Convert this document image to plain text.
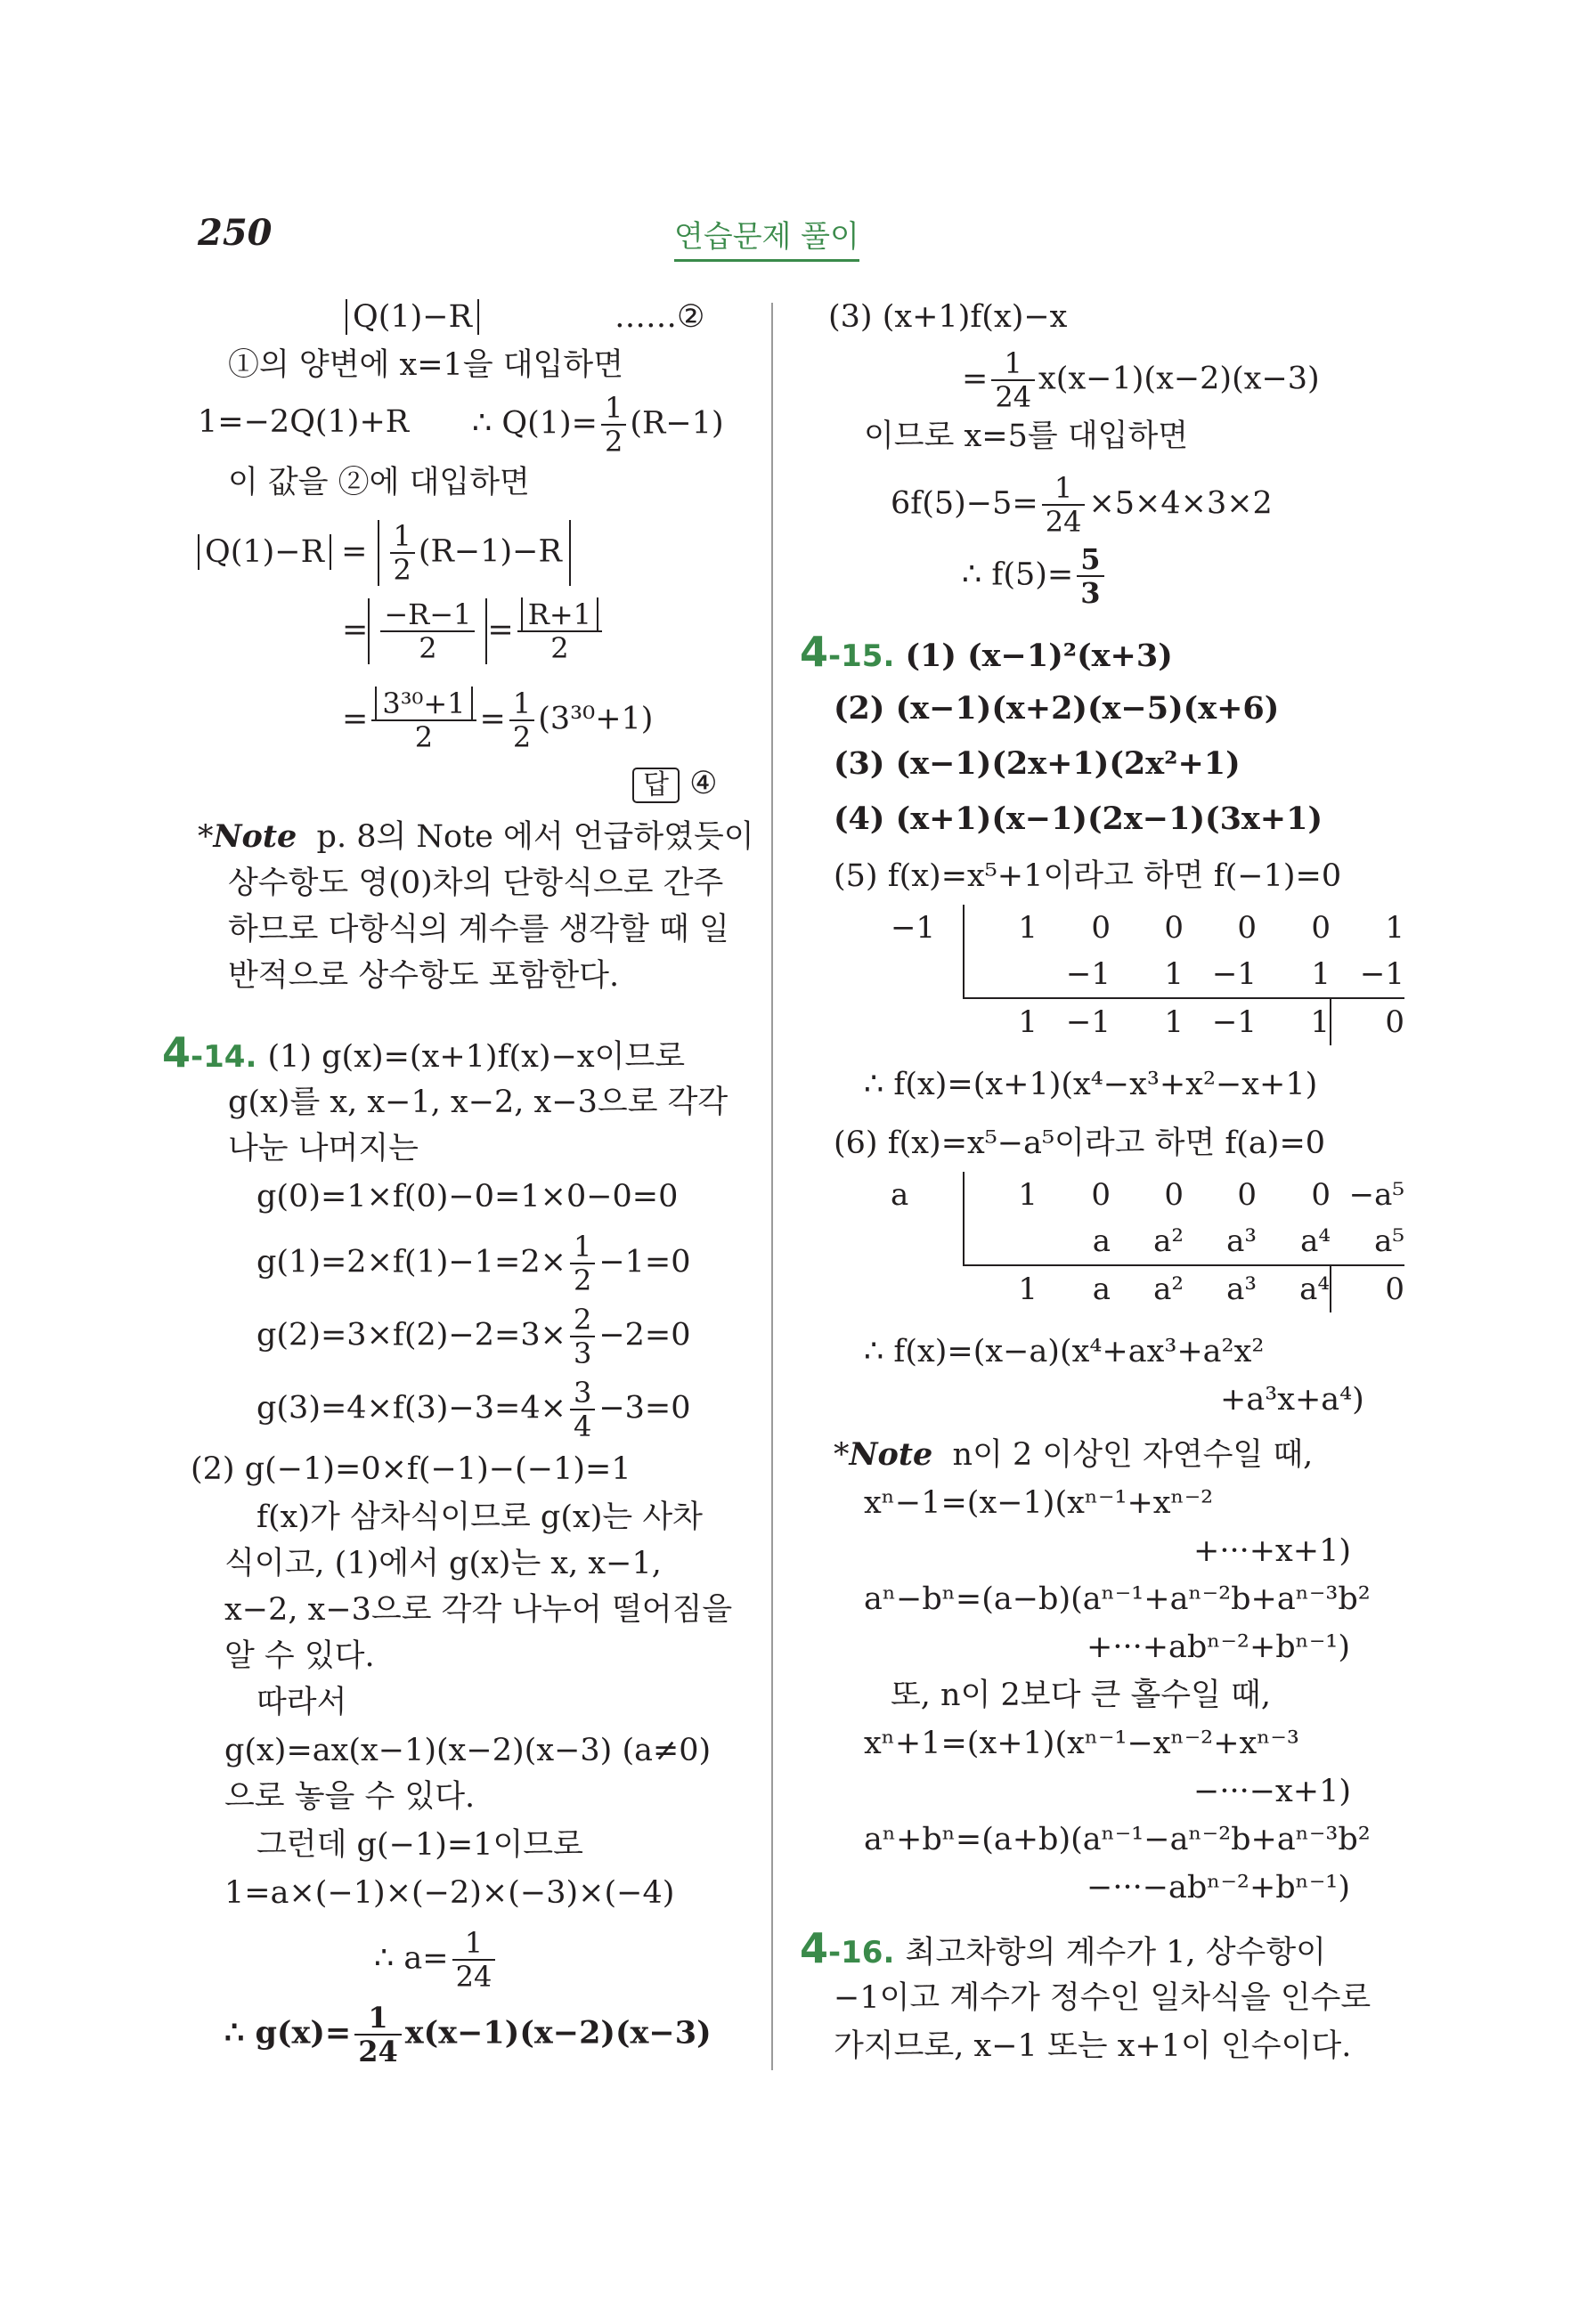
250	연습문제 풀이
Q(1)−R	……②
①의 양변에 x=1을 대입하면
1=−2Q(1)+R ∴ $Q(1)= \frac{1}{2} (R-1)$
이 값을 ②에 대입하면
$Q(1)-R = \frac{1}{2} (R-1)-R$
= $\frac{-R-1}{2} = \frac{R+1}{2}$
= $\frac{\text{3³⁰+1}}{2} = \frac{1}{2} (3^{30}+1)$
답 ④
*Note p. 8의 Note 에서 언급하였듯이
상수항도 영(0)차의 단항식으로 간주
하므로 다항식의 계수를 생각할 때 일
반적으로 상수항도 포함한다.
4-14. (1) g(x)=(x+1)f(x)−x이므로
g(x)를 x, x−1, x−2, x−3으로 각각
나눈 나머지는
g(0)=1×f(0)−0=1×0−0=0
$g(1)=2\times f(1)-1=2\times \frac{1}{2} -1=0$
$g(2)=3\times f(2)-2=3\times \frac{2}{3} -2=0$
$g(3)=4\times f(3)-3=4\times \frac{3}{4} -3=0$
(2) g(−1)=0×f(−1)−(−1)=1
f(x)가 삼차식이므로 g(x)는 사차
식이고, (1)에서 g(x)는 x, x−1,
x−2, x−3으로 각각 나누어 떨어짐을
알 수 있다.
따라서
g(x)=ax(x−1)(x−2)(x−3) (a≠0)
으로 놓을 수 있다.
그런데 g(−1)=1이므로
1=a×(−1)×(−2)×(−3)×(−4)
∴ $a= \frac{1}{24}$
∴ $g(x)= \frac{1}{24} x(x-1)(x-2)(x-3)$
(3) (x+1)f(x)−x
= $\frac{1}{24} x(x-1)(x-2)(x-3)$
이므로 x=5를 대입하면
$6f(5)-5= \frac{1}{24} \times 5\times 4\times 3\times 2$
∴ $f(5)= \frac{5}{3}$
4-15. (1) (x−1)²(x+3)
(2) (x−1)(x+2)(x−5)(x+6)
(3) (x−1)(2x+1)(2x²+1)
(4) (x+1)(x−1)(2x−1)(3x+1)
(5) f(x)=x⁵+1이라고 하면 f(−1)=0
−1	1	0	0	0	0	1
		−1	1	−1	1	−1
	1	−1	1	−1	1	0
∴ f(x)=(x+1)(x⁴−x³+x²−x+1)
(6) f(x)=x⁵−a⁵이라고 하면 f(a)=0
a	1	0	0	0	0	−a⁵
		a	a²	a³	a⁴	a⁵
	1	a	a²	a³	a⁴	0
∴ f(x)=(x−a)(x⁴+ax³+a²x²
+a³x+a⁴)
*Note n이 2 이상인 자연수일 때,
xⁿ−1=(x−1)(xⁿ⁻¹+xⁿ⁻²
+···+x+1)
aⁿ−bⁿ=(a−b)(aⁿ⁻¹+aⁿ⁻²b+aⁿ⁻³b²
+···+abⁿ⁻²+bⁿ⁻¹)
또, n이 2보다 큰 홀수일 때,
xⁿ+1=(x+1)(xⁿ⁻¹−xⁿ⁻²+xⁿ⁻³
−···−x+1)
aⁿ+bⁿ=(a+b)(aⁿ⁻¹−aⁿ⁻²b+aⁿ⁻³b²
−···−abⁿ⁻²+bⁿ⁻¹)
4-16. 최고차항의 계수가 1, 상수항이
−1이고 계수가 정수인 일차식을 인수로
가지므로, x−1 또는 x+1이 인수이다.
